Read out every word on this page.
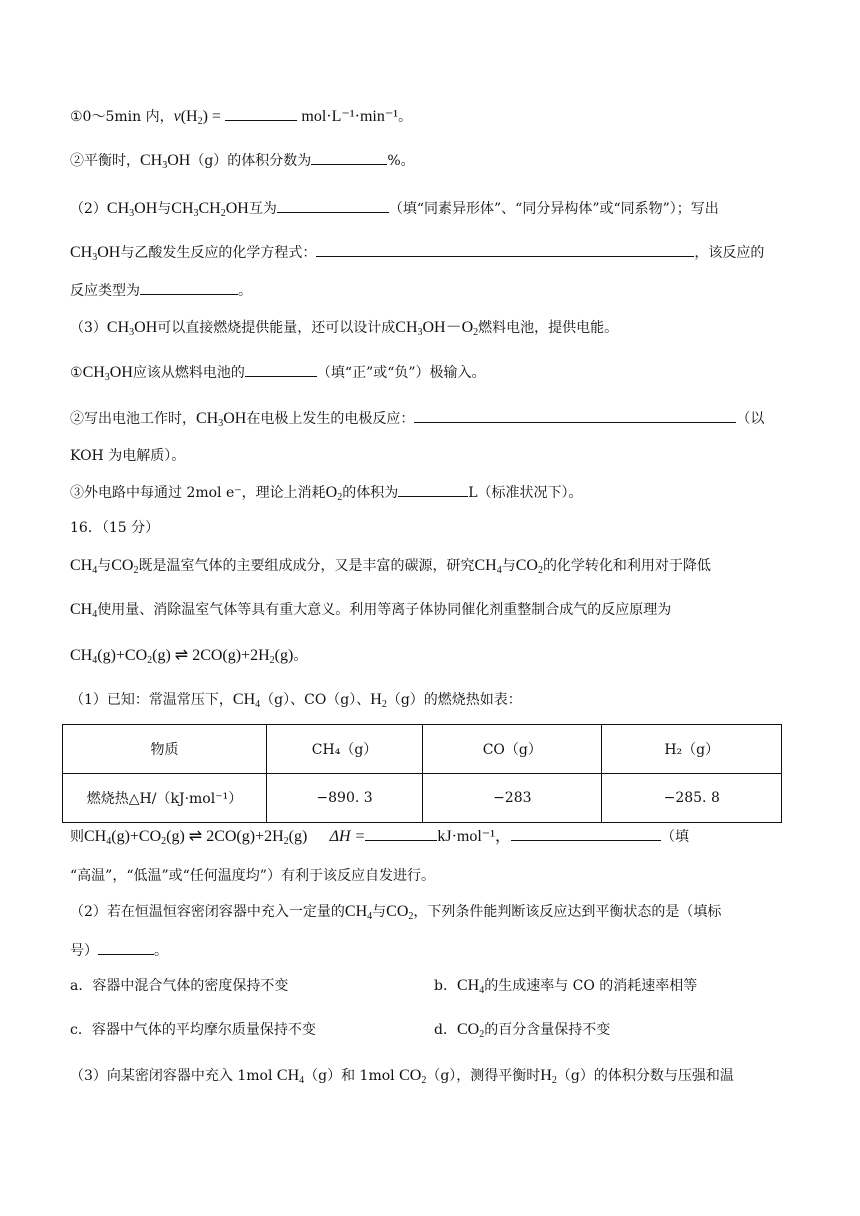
①0～5min 内，$v(H_2)$ =	mol·L⁻¹·min⁻¹。
②平衡时，$CH_3OH(g)$的体积分数为	%。
$(2)CH_3OH$与$CH_3CH_2OH$互为	（填“同素异形体”、“同分异构体”或“同系物”）；写出
$CH_3OH$与乙酸发生反应的化学方程式：	，该反应的
反应类型为	。
$(3)CH_3OH$可以直接燃烧提供能量，还可以设计成$CH_3OH-O_2$燃料电池，提供电能。
$①CH_3OH$应该从燃料电池的	（填“正”或“负”）极输入。
②写出电池工作时，$CH_3OH$在电极上发生的电极反应：	（以
KOH 为电解质）。
③外电路中每通过 2mol e⁻，理论上消耗$O_2$的体积为	L（标准状况下）。
16．（15 分）
$CH_4$与$CO_2$既是温室气体的主要组成成分，又是丰富的碳源，研究$CH_4$与$CO_2$的化学转化和利用对于降低
$CH_4$使用量、消除温室气体等具有重大意义。利用等离子体协同催化剂重整制合成气的反应原理为
$CH_4(g)+CO_2(g)$ ⇌ $2CO(g)+2H_2(g)$。
（1）已知：常温常压下，$CH_4(g)$、CO（g）、$H_2(g)$的燃烧热如表：
物质	CH₄（g）	CO（g）	H₂（g）
燃烧热△H/（kJ·mol⁻¹）	−890. 3	−283	−285. 8
则$CH_4(g)+CO_2(g)$ ⇌ $2CO(g)+2H_2(g) \Delta H$ =	kJ·mol⁻¹，	（填
“高温”，“低温”或“任何温度均”）有利于该反应自发进行。
（2）若在恒温恒容密闭容器中充入一定量的$CH_4$与$CO_2$，下列条件能判断该反应达到平衡状态的是（填标
号）	。
a．容器中混合气体的密度保持不变	b．$CH_4$的生成速率与 CO 的消耗速率相等
c．容器中气体的平均摩尔质量保持不变	d．$CO_2$的百分含量保持不变
（3）向某密闭容器中充入 1mol $CH_4(g)$和 1mol $CO_2(g)$，测得平衡时$H_2(g)$的体积分数与压强和温
